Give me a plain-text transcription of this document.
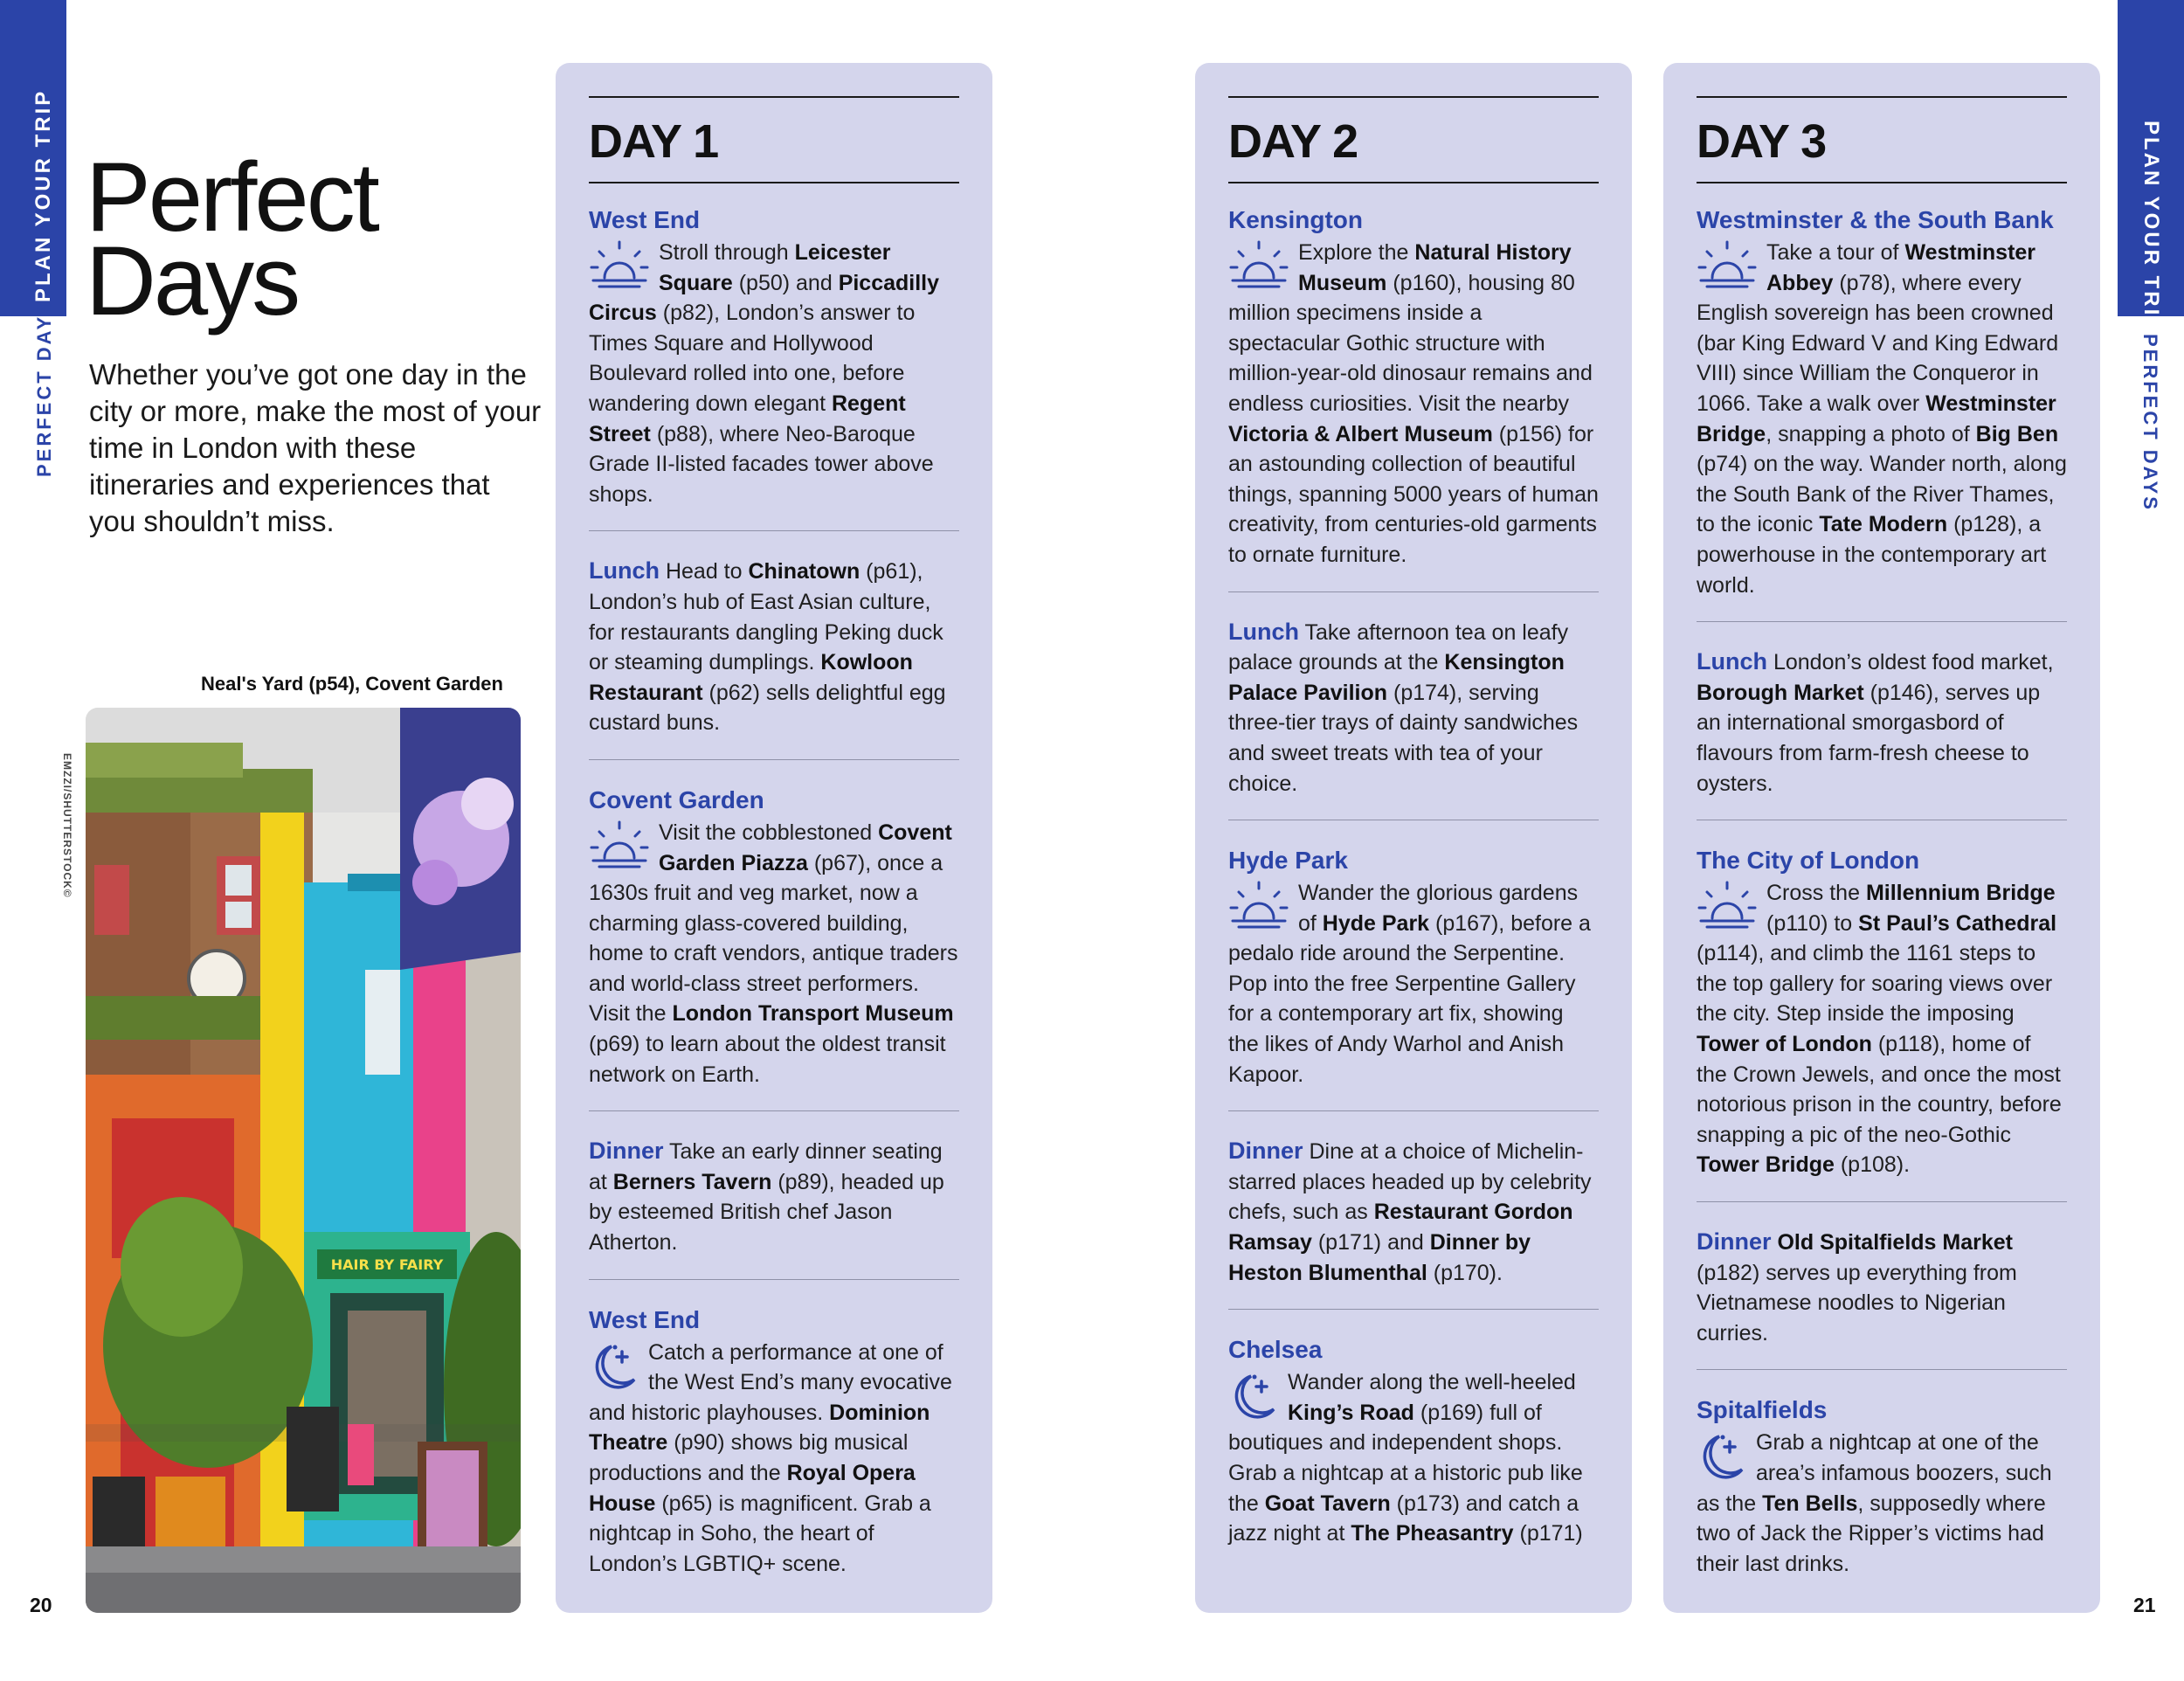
PLAN YOUR TRIP
PERFECT DAYS
PLAN YOUR TRIP
PERFECT DAYS
Perfect
Days
Whether you’ve got one day in the city or more, make the most of your time in London with these itineraries and experiences that you shouldn’t miss.
Neal's Yard (p54), Covent Garden
EMZZI/SHUTTERSTOCK©
HAIR BY FAIRY
DAY 1
West End

Stroll through Leicester Square (p50) and Piccadilly Circus (p82), London’s answer to Times Square and Hollywood Boulevard rolled into one, before wandering down elegant Regent Street (p88), where Neo-Baroque Grade II-listed facades tower above shops.

Lunch Head to Chinatown (p61), London’s hub of East Asian culture, for restaurants dangling Peking duck or steaming dumplings. Kowloon Restaurant (p62) sells delightful egg custard buns.

Covent Garden

Visit the cobblestoned Covent Garden Piazza (p67), once a 1630s fruit and veg market, now a charming glass-covered building, home to craft vendors, antique traders and world-class street performers. Visit the London Transport Museum (p69) to learn about the oldest transit network on Earth.

Dinner Take an early dinner seating at Berners Tavern (p89), headed up by esteemed British chef Jason Atherton.

West End

Catch a performance at one of the West End’s many evocative and historic playhouses. Dominion Theatre (p90) shows big musical productions and the Royal Opera House (p65) is magnificent. Grab a nightcap in Soho, the heart of London’s LGBTIQ+ scene.

DAY 2
Kensington

Explore the Natural History Museum (p160), housing 80 million specimens inside a spectacular Gothic structure with million-year-old dinosaur remains and endless curiosities. Visit the nearby Victoria & Albert Museum (p156) for an astounding collection of beautiful things, spanning 5000 years of human creativity, from centuries-old garments to ornate furniture.

Lunch Take afternoon tea on leafy palace grounds at the Kensington Palace Pavilion (p174), serving three-tier trays of dainty sandwiches and sweet treats with tea of your choice.

Hyde Park

Wander the glorious gardens of Hyde Park (p167), before a pedalo ride around the Serpentine. Pop into the free Serpentine Gallery for a contemporary art fix, showing the likes of Andy Warhol and Anish Kapoor.

Dinner Dine at a choice of Michelin-starred places headed up by celebrity chefs, such as Restaurant Gordon Ramsay (p171) and Dinner by Heston Blumenthal (p170).

Chelsea

Wander along the well-heeled King’s Road (p169) full of boutiques and independent shops. Grab a nightcap at a historic pub like the Goat Tavern (p173) and catch a jazz night at The Pheasantry (p171)

DAY 3
Westminster & the South Bank

Take a tour of Westminster Abbey (p78), where every English sovereign has been crowned (bar King Edward V and King Edward VIII) since William the Conqueror in 1066. Take a walk over Westminster Bridge, snapping a photo of Big Ben (p74) on the way. Wander north, along the South Bank of the River Thames, to the iconic Tate Modern (p128), a powerhouse in the contemporary art world.

Lunch London’s oldest food market, Borough Market (p146), serves up an international smorgasbord of flavours from farm-fresh cheese to oysters.

The City of London

Cross the Millennium Bridge (p110) to St Paul’s Cathedral (p114), and climb the 1161 steps to the top gallery for soaring views over the city. Step inside the imposing Tower of London (p118), home of the Crown Jewels, and once the most notorious prison in the country, before snapping a pic of the neo-Gothic Tower Bridge (p108).

Dinner Old Spitalfields Market (p182) serves up everything from Vietnamese noodles to Nigerian curries.

Spitalfields

Grab a nightcap at one of the area’s infamous boozers, such as the Ten Bells, supposedly where two of Jack the Ripper’s victims had their last drinks.

20	21
